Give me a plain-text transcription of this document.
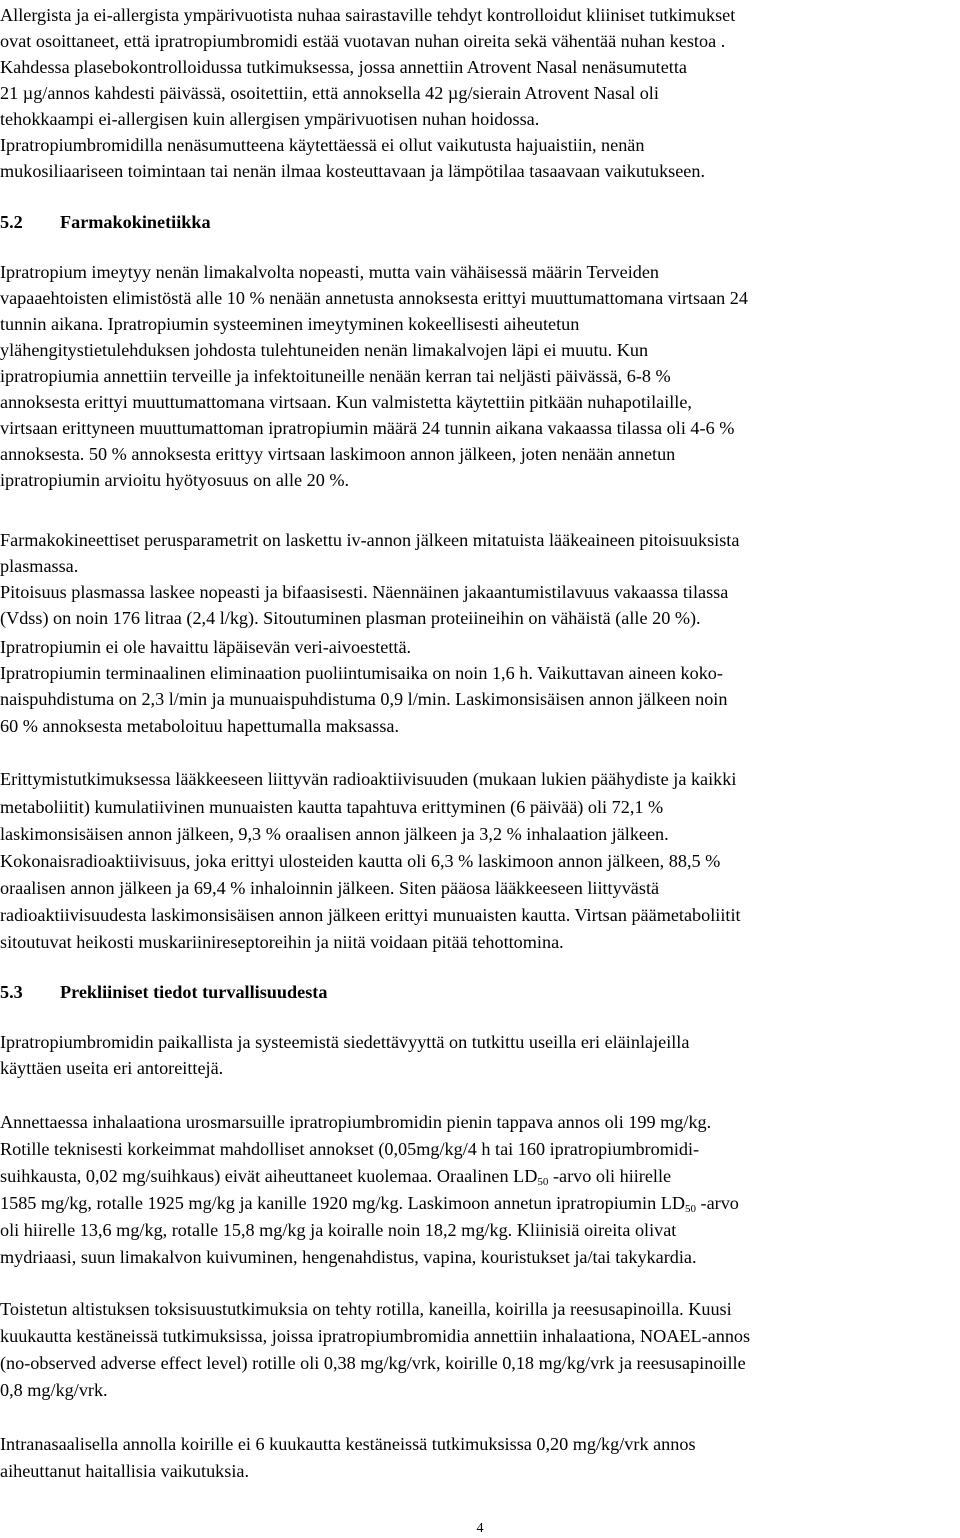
Allergista ja ei-allergista ympärivuotista nuhaa sairastaville tehdyt kontrolloidut kliiniset tutkimukset
ovat osoittaneet, että ipratropiumbromidi estää vuotavan nuhan oireita sekä vähentää nuhan kestoa .
Kahdessa plasebokontrolloidussa tutkimuksessa, jossa annettiin Atrovent Nasal nenäsumutetta
21 µg/annos kahdesti päivässä, osoitettiin, että annoksella 42 µg/sierain Atrovent Nasal oli
tehokkaampi ei-allergisen kuin allergisen ympärivuotisen nuhan hoidossa.
Ipratropiumbromidilla nenäsumutteena käytettäessä ei ollut vaikutusta hajuaistiin, nenän
mukosiliaariseen toimintaan tai nenän ilmaa kosteuttavaan ja lämpötilaa tasaavaan vaikutukseen.
5.2 Farmakokinetiikka
Ipratropium imeytyy nenän limakalvolta nopeasti, mutta vain vähäisessä määrin Terveiden
vapaaehtoisten elimistöstä alle 10 % nenään annetusta annoksesta erittyi muuttumattomana virtsaan 24
tunnin aikana. Ipratropiumin systeeminen imeytyminen kokeellisesti aiheutetun
ylähengitystietulehduksen johdosta tulehtuneiden nenän limakalvojen läpi ei muutu. Kun
ipratropiumia annettiin terveille ja infektoituneille nenään kerran tai neljästi päivässä, 6-8 %
annoksesta erittyi muuttumattomana virtsaan. Kun valmistetta käytettiin pitkään nuhapotilaille,
virtsaan erittyneen muuttumattoman ipratropiumin määrä 24 tunnin aikana vakaassa tilassa oli 4-6 %
annoksesta. 50 % annoksesta erittyy virtsaan laskimoon annon jälkeen, joten nenään annetun
ipratropiumin arvioitu hyötyosuus on alle 20 %.
Farmakokineettiset perusparametrit on laskettu iv-annon jälkeen mitatuista lääkeaineen pitoisuuksista
plasmassa.
Pitoisuus plasmassa laskee nopeasti ja bifaasisesti. Näennäinen jakaantumistilavuus vakaassa tilassa
(Vdss) on noin 176 litraa (2,4 l/kg). Sitoutuminen plasman proteiineihin on vähäistä (alle 20 %).
Ipratropiumin ei ole havaittu läpäisevän veri-aivoestettä.
Ipratropiumin terminaalinen eliminaation puoliintumisaika on noin 1,6 h. Vaikuttavan aineen koko-
naispuhdistuma on 2,3 l/min ja munuaispuhdistuma 0,9 l/min. Laskimonsisäisen annon jälkeen noin
60 % annoksesta metaboloituu hapettumalla maksassa.
Erittymistutkimuksessa lääkkeeseen liittyvän radioaktiivisuuden (mukaan lukien päähydiste ja kaikki
metaboliitit) kumulatiivinen munuaisten kautta tapahtuva erittyminen (6 päivää) oli 72,1 %
laskimonsisäisen annon jälkeen, 9,3 % oraalisen annon jälkeen ja 3,2 % inhalaation jälkeen.
Kokonaisradioaktiivisuus, joka erittyi ulosteiden kautta oli 6,3 % laskimoon annon jälkeen, 88,5 %
oraalisen annon jälkeen ja 69,4 % inhaloinnin jälkeen. Siten pääosa lääkkeeseen liittyvästä
radioaktiivisuudesta laskimonsisäisen annon jälkeen erittyi munuaisten kautta. Virtsan päämetaboliitit
sitoutuvat heikosti muskariinireseptoreihin ja niitä voidaan pitää tehottomina.
5.3 Prekliiniset tiedot turvallisuudesta
Ipratropiumbromidin paikallista ja systeemistä siedettävyyttä on tutkittu useilla eri eläinlajeilla
käyttäen useita eri antoreittejä.
Annettaessa inhalaationa urosmarsuille ipratropiumbromidin pienin tappava annos oli 199 mg/kg.
Rotille teknisesti korkeimmat mahdolliset annokset (0,05mg/kg/4 h tai 160 ipratropiumbromidi-
suihkausta, 0,02 mg/suihkaus) eivät aiheuttaneet kuolemaa. Oraalinen $LD_{50}$ -arvo oli hiirelle
1585 mg/kg, rotalle 1925 mg/kg ja kanille 1920 mg/kg. Laskimoon annetun ipratropiumin $LD_{50}$ -arvo
oli hiirelle 13,6 mg/kg, rotalle 15,8 mg/kg ja koiralle noin 18,2 mg/kg. Kliinisiä oireita olivat
mydriaasi, suun limakalvon kuivuminen, hengenahdistus, vapina, kouristukset ja/tai takykardia.
Toistetun altistuksen toksisuustutkimuksia on tehty rotilla, kaneilla, koirilla ja reesusapinoilla. Kuusi
kuukautta kestäneissä tutkimuksissa, joissa ipratropiumbromidia annettiin inhalaationa, NOAEL-annos
(no-observed adverse effect level) rotille oli 0,38 mg/kg/vrk, koirille 0,18 mg/kg/vrk ja reesusapinoille
0,8 mg/kg/vrk.
Intranasaalisella annolla koirille ei 6 kuukautta kestäneissä tutkimuksissa 0,20 mg/kg/vrk annos
aiheuttanut haitallisia vaikutuksia.
4
